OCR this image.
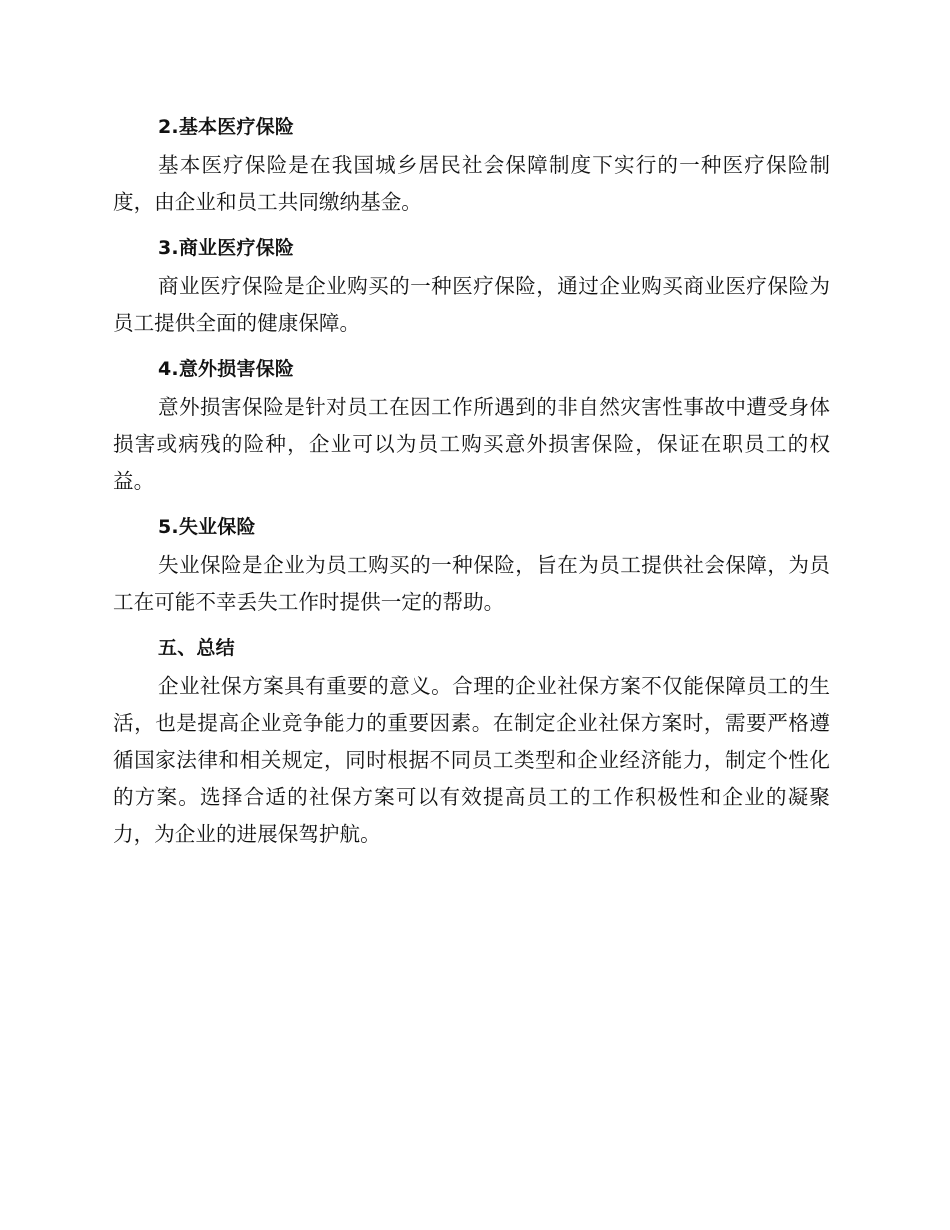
2.基本医疗保险

基本医疗保险是在我国城乡居民社会保障制度下实行的一种医疗保险制度，由企业和员工共同缴纳基金。

3.商业医疗保险

商业医疗保险是企业购买的一种医疗保险，通过企业购买商业医疗保险为员工提供全面的健康保障。

4.意外损害保险

意外损害保险是针对员工在因工作所遇到的非自然灾害性事故中遭受身体损害或病残的险种，企业可以为员工购买意外损害保险，保证在职员工的权益。

5.失业保险

失业保险是企业为员工购买的一种保险，旨在为员工提供社会保障，为员工在可能不幸丢失工作时提供一定的帮助。

五、总结

企业社保方案具有重要的意义。合理的企业社保方案不仅能保障员工的生活，也是提高企业竞争能力的重要因素。在制定企业社保方案时，需要严格遵循国家法律和相关规定，同时根据不同员工类型和企业经济能力，制定个性化的方案。选择合适的社保方案可以有效提高员工的工作积极性和企业的凝聚力，为企业的进展保驾护航。
